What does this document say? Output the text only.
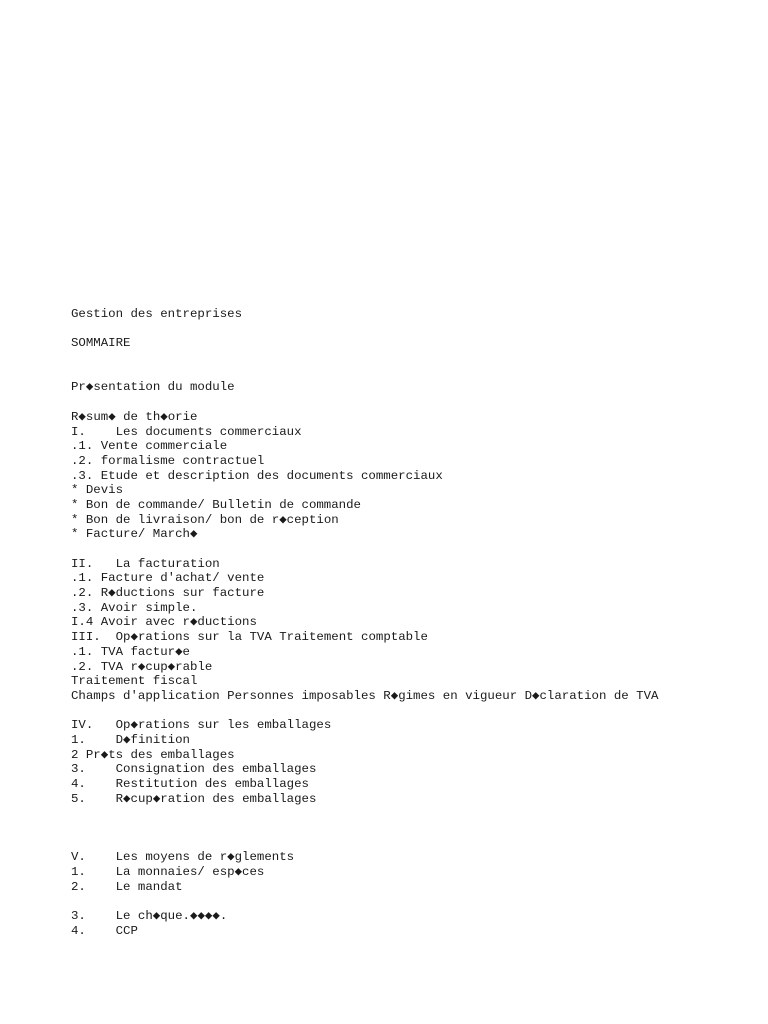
Gestion des entreprises
SOMMAIRE
Pr◆sentation du module
R◆sum◆ de th◆orie
I.    Les documents commerciaux
.1. Vente commerciale
.2. formalisme contractuel
.3. Etude et description des documents commerciaux
* Devis
* Bon de commande/ Bulletin de commande
* Bon de livraison/ bon de r◆ception
* Facture/ March◆
II.   La facturation
.1. Facture d'achat/ vente
.2. R◆ductions sur facture
.3. Avoir simple.
I.4 Avoir avec r◆ductions
III.  Op◆rations sur la TVA Traitement comptable
.1. TVA factur◆e
.2. TVA r◆cup◆rable
Traitement fiscal
Champs d'application Personnes imposables R◆gimes en vigueur D◆claration de TVA
IV.   Op◆rations sur les emballages
1.    D◆finition
2 Pr◆ts des emballages
3.    Consignation des emballages
4.    Restitution des emballages
5.    R◆cup◆ration des emballages
V.    Les moyens de r◆glements
1.    La monnaies/ esp◆ces
2.    Le mandat
3.    Le ch◆que.◆◆◆◆.
4.    CCP
